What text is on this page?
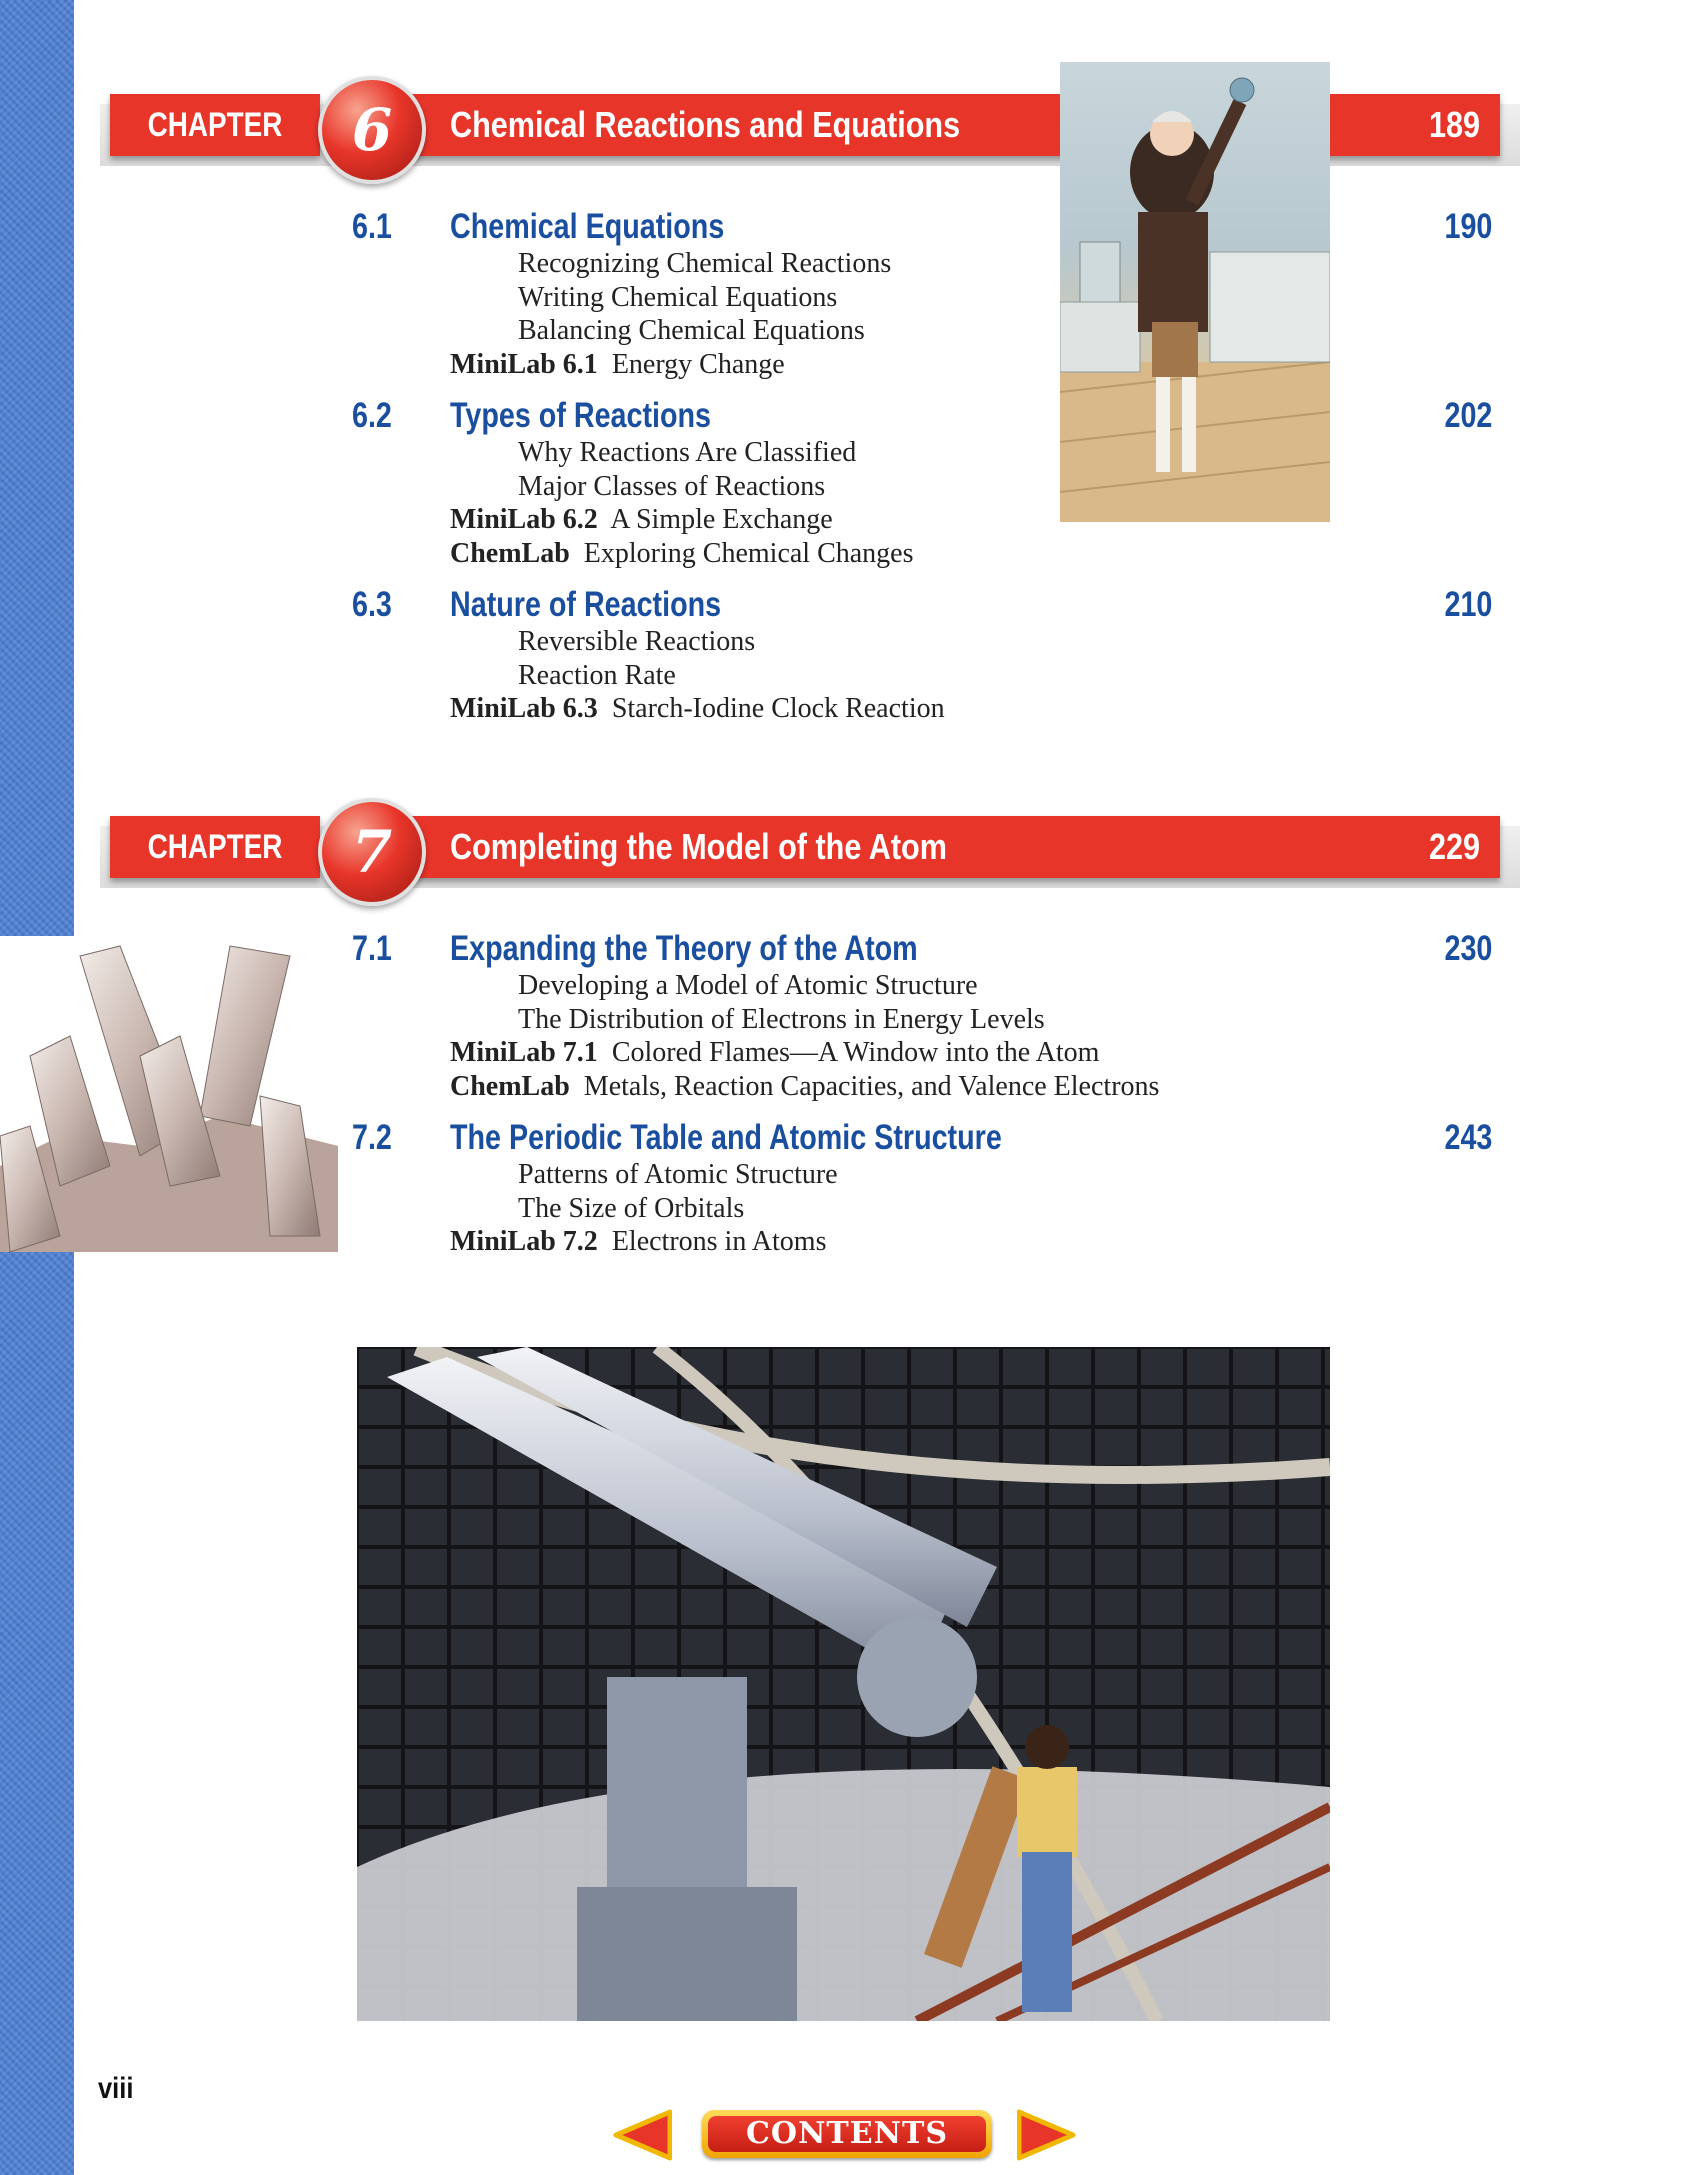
CHAPTER	6	Chemical Reactions and Equations	189
6.1 Chemical Equations	190
Recognizing Chemical Reactions
Writing Chemical Equations
Balancing Chemical Equations
MiniLab 6.1 Energy Change
6.2 Types of Reactions	202
Why Reactions Are Classified
Major Classes of Reactions
MiniLab 6.2 A Simple Exchange
ChemLab Exploring Chemical Changes
6.3 Nature of Reactions	210
Reversible Reactions
Reaction Rate
MiniLab 6.3 Starch-Iodine Clock Reaction
CHAPTER	7	Completing the Model of the Atom	229
7.1 Expanding the Theory of the Atom	230
Developing a Model of Atomic Structure
The Distribution of Electrons in Energy Levels
MiniLab 7.1 Colored Flames—A Window into the Atom
ChemLab Metals, Reaction Capacities, and Valence Electrons
7.2 The Periodic Table and Atomic Structure	243
Patterns of Atomic Structure
The Size of Orbitals
MiniLab 7.2 Electrons in Atoms
viii
CONTENTS
